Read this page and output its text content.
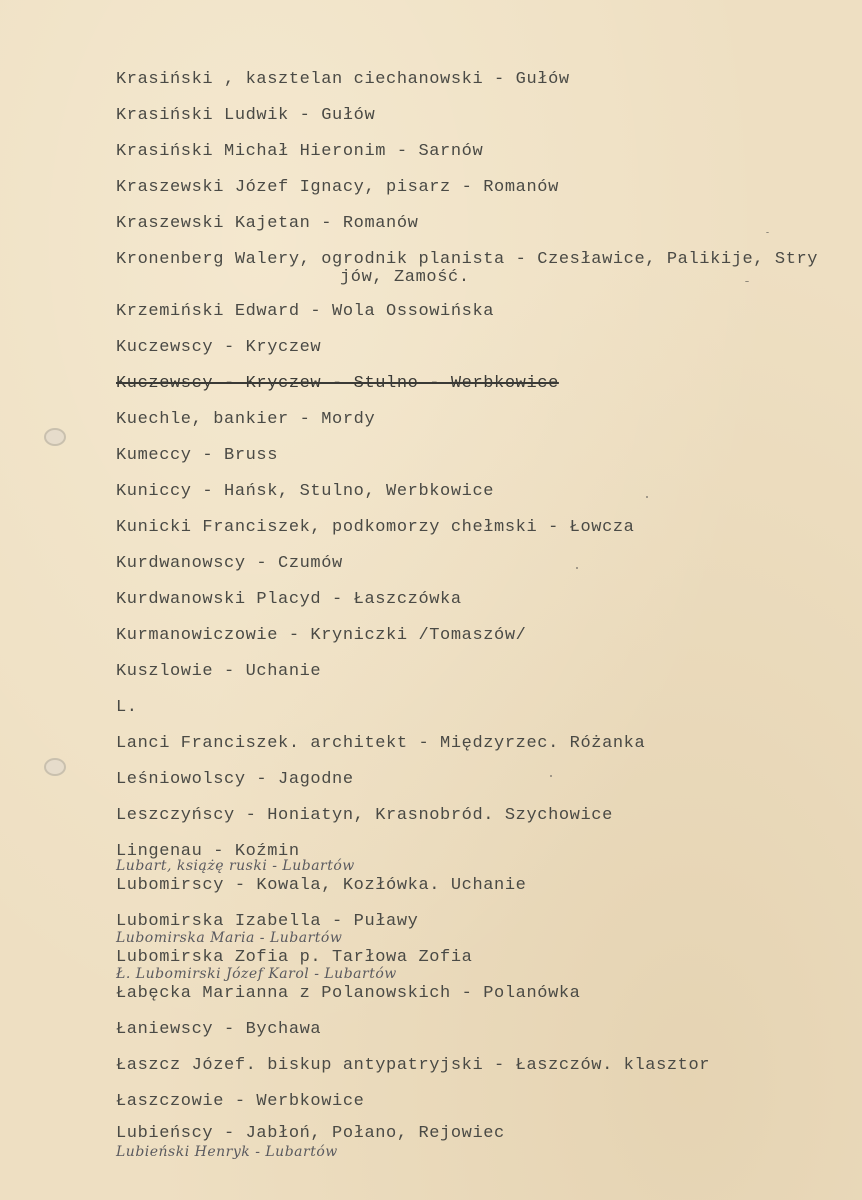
Krasiński , kasztelan ciechanowski - Gułów
Krasiński Ludwik - Gułów
Krasiński Michał Hieronim - Sarnów
Kraszewski Józef Ignacy, pisarz - Romanów
Kraszewski Kajetan - Romanów
Kronenberg Walery, ogrodnik planista - Czesławice, Palikije, Stry
jów, Zamość.
Krzemiński Edward - Wola Ossowińska
Kuczewscy - Kryczew
Kuczewscy - Kryczew - Stulno - Werbkowice
Kuechle, bankier - Mordy
Kumeccy - Bruss
Kuniccy - Hańsk, Stulno, Werbkowice
Kunicki Franciszek, podkomorzy chełmski - Łowcza
Kurdwanowscy - Czumów
Kurdwanowski Placyd - Łaszczówka
Kurmanowiczowie - Kryniczki /Tomaszów/
Kuszlowie - Uchanie
L.
Lanci Franciszek. architekt - Międzyrzec. Różanka
Leśniowolscy - Jagodne
Leszczyńscy - Honiatyn, Krasnobród. Szychowice
Lingenau - Koźmin
Lubart, książę ruski - Lubartów
Lubomirscy - Kowala, Kozłówka. Uchanie
Lubomirska Izabella - Puławy
Lubomirska Maria - Lubartów
Lubomirska Zofia p. Tarłowa Zofia
Ł. Lubomirski Józef Karol - Lubartów
Łabęcka Marianna z Polanowskich - Polanówka
Łaniewscy - Bychawa
Łaszcz Józef. biskup antypatryjski - Łaszczów. klasztor
Łaszczowie - Werbkowice
Lubieńscy - Jabłoń, Połano, Rejowiec
Lubieński Henryk - Lubartów
